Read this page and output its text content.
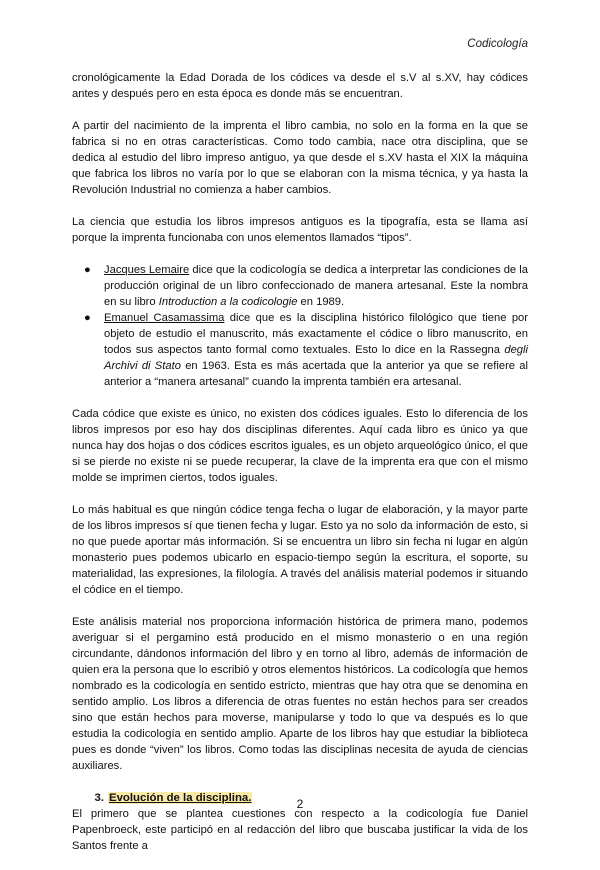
Codicología

cronológicamente la Edad Dorada de los códices va desde el s.V al s.XV, hay códices antes y después pero en esta época es donde más se encuentran.

A partir del nacimiento de la imprenta el libro cambia, no solo en la forma en la que se fabrica si no en otras características. Como todo cambia, nace otra disciplina, que se dedica al estudio del libro impreso antiguo, ya que desde el s.XV hasta el XIX la máquina que fabrica los libros no varía por lo que se elaboran con la misma técnica, y ya hasta la Revolución Industrial no comienza a haber cambios.

La ciencia que estudia los libros impresos antiguos es la tipografía, esta se llama así porque la imprenta funcionaba con unos elementos llamados “tipos”.

● Jacques Lemaire dice que la codicología se dedica a interpretar las condiciones de la producción original de un libro confeccionado de manera artesanal. Este la nombra en su libro Introduction a la codicologie en 1989.
● Emanuel Casamassima dice que es la disciplina histórico filológico que tiene por objeto de estudio el manuscrito, más exactamente el códice o libro manuscrito, en todos sus aspectos tanto formal como textuales. Esto lo dice en la Rassegna degli Archivi di Stato en 1963. Esta es más acertada que la anterior ya que se refiere al anterior a “manera artesanal” cuando la imprenta también era artesanal.

Cada códice que existe es único, no existen dos códices iguales. Esto lo diferencia de los libros impresos por eso hay dos disciplinas diferentes. Aquí cada libro es único ya que nunca hay dos hojas o dos códices escritos iguales, es un objeto arqueológico único, el que si se pierde no existe ni se puede recuperar, la clave de la imprenta era que con el mismo molde se imprimen ciertos, todos iguales.

Lo más habitual es que ningún códice tenga fecha o lugar de elaboración, y la mayor parte de los libros impresos sí que tienen fecha y lugar. Esto ya no solo da información de esto, si no que puede aportar más información. Si se encuentra un libro sin fecha ni lugar en algún monasterio pues podemos ubicarlo en espacio-tiempo según la escritura, el soporte, su materialidad, las expresiones, la filología. A través del análisis material podemos ir situando el códice en el tiempo.

Este análisis material nos proporciona información histórica de primera mano, podemos averiguar si el pergamino está producido en el mismo monasterio o en una región circundante, dándonos información del libro y en torno al libro, además de información de quien era la persona que lo escribió y otros elementos históricos. La codicología que hemos nombrado es la codicología en sentido estricto, mientras que hay otra que se denomina en sentido amplio. Los libros a diferencia de otras fuentes no están hechos para ser creados sino que están hechos para moverse, manipularse y todo lo que va después es lo que estudia la codicología en sentido amplio. Aparte de los libros hay que estudiar la biblioteca pues es donde “viven” los libros. Como todas las disciplinas necesita de ayuda de ciencias auxiliares.

3. Evolución de la disciplina.

El primero que se plantea cuestiones con respecto a la codicología fue Daniel Papenbroeck, este participó en al redacción del libro que buscaba justificar la vida de los Santos frente a

2
